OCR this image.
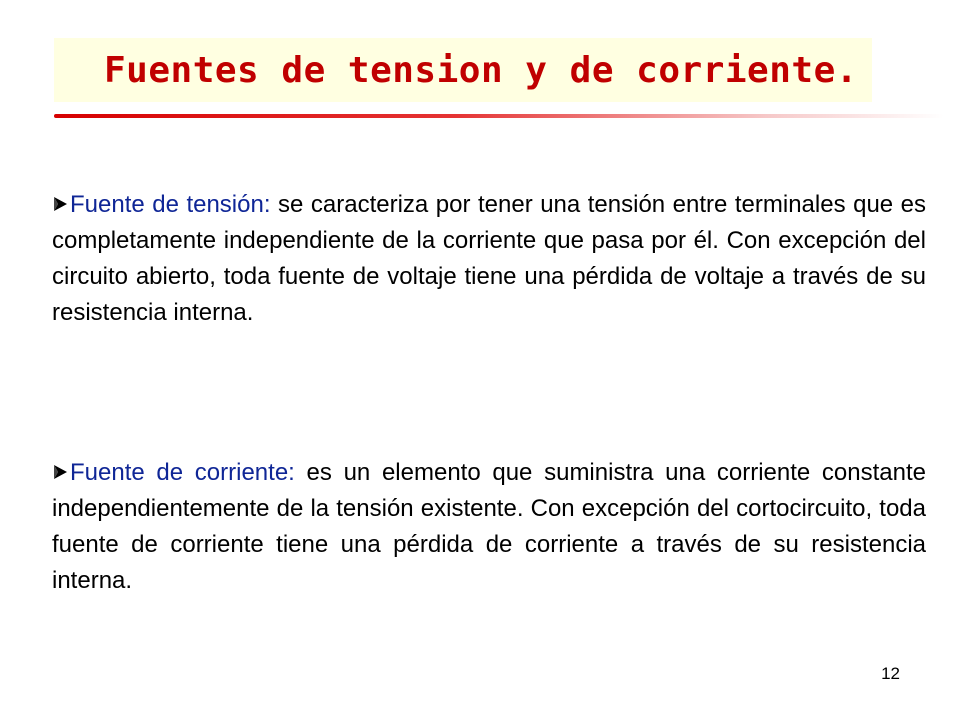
Fuentes de tension y de corriente.

Fuente de tensión: se caracteriza por tener una tensión entre terminales que es completamente independiente de la corriente que pasa por él. Con excepción del circuito abierto, toda fuente de voltaje tiene una pérdida de voltaje a través de su resistencia interna.

Fuente de corriente: es un elemento que suministra una corriente constante independientemente de la tensión existente. Con excepción del cortocircuito, toda fuente de corriente tiene una pérdida de corriente a través de su resistencia interna.

12
